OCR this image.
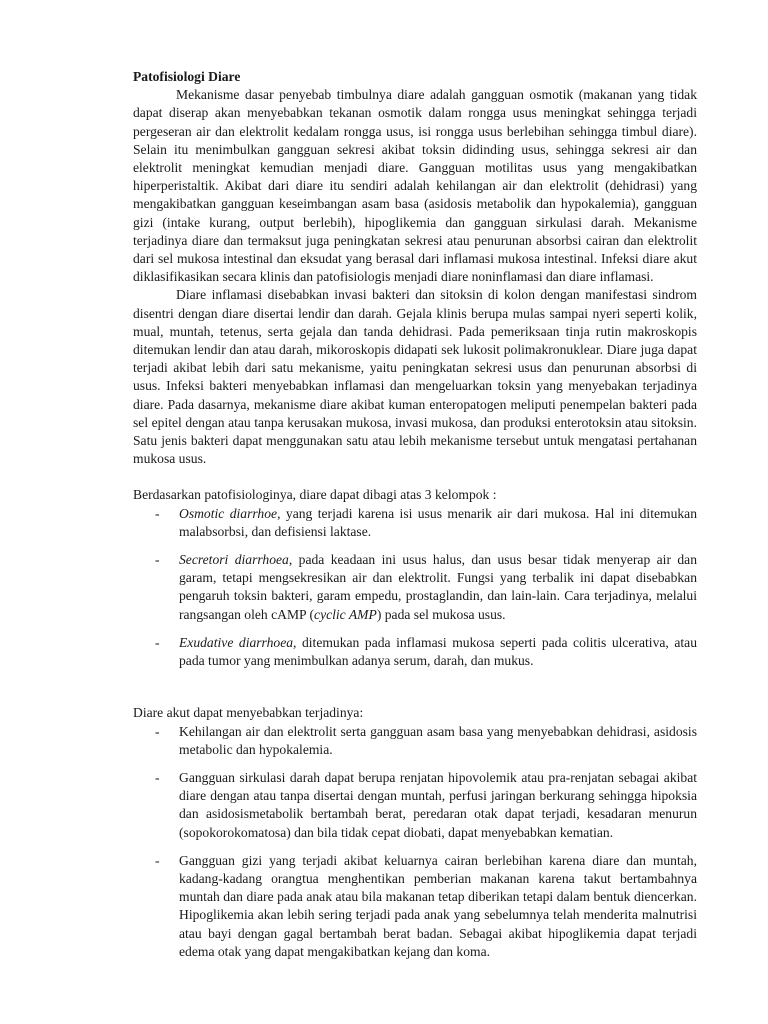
Patofisiologi Diare

Mekanisme dasar penyebab timbulnya diare adalah gangguan osmotik (makanan yang tidak dapat diserap akan menyebabkan tekanan osmotik dalam rongga usus meningkat sehingga terjadi pergeseran air dan elektrolit kedalam rongga usus, isi rongga usus berlebihan sehingga timbul diare). Selain itu menimbulkan gangguan sekresi akibat toksin didinding usus, sehingga sekresi air dan elektrolit meningkat kemudian menjadi diare. Gangguan motilitas usus yang mengakibatkan hiperperistaltik. Akibat dari diare itu sendiri adalah kehilangan air dan elektrolit (dehidrasi) yang mengakibatkan gangguan keseimbangan asam basa (asidosis metabolik dan hypokalemia), gangguan gizi (intake kurang, output berlebih), hipoglikemia dan gangguan sirkulasi darah. Mekanisme terjadinya diare dan termaksut juga peningkatan sekresi atau penurunan absorbsi cairan dan elektrolit dari sel mukosa intestinal dan eksudat yang berasal dari inflamasi mukosa intestinal. Infeksi diare akut diklasifikasikan secara klinis dan patofisiologis menjadi diare noninflamasi dan diare inflamasi.

Diare inflamasi disebabkan invasi bakteri dan sitoksin di kolon dengan manifestasi sindrom disentri dengan diare disertai lendir dan darah. Gejala klinis berupa mulas sampai nyeri seperti kolik, mual, muntah, tetenus, serta gejala dan tanda dehidrasi. Pada pemeriksaan tinja rutin makroskopis ditemukan lendir dan atau darah, mikoroskopis didapati sek lukosit polimakronuklear. Diare juga dapat terjadi akibat lebih dari satu mekanisme, yaitu peningkatan sekresi usus dan penurunan absorbsi di usus. Infeksi bakteri menyebabkan inflamasi dan mengeluarkan toksin yang menyebakan terjadinya diare. Pada dasarnya, mekanisme diare akibat kuman enteropatogen meliputi penempelan bakteri pada sel epitel dengan atau tanpa kerusakan mukosa, invasi mukosa, dan produksi enterotoksin atau sitoksin. Satu jenis bakteri dapat menggunakan satu atau lebih mekanisme tersebut untuk mengatasi pertahanan mukosa usus.

Berdasarkan patofisiologinya, diare dapat dibagi atas 3 kelompok :

- Osmotic diarrhoe, yang terjadi karena isi usus menarik air dari mukosa. Hal ini ditemukan malabsorbsi, dan defisiensi laktase.
- Secretori diarrhoea, pada keadaan ini usus halus, dan usus besar tidak menyerap air dan garam, tetapi mengsekresikan air dan elektrolit. Fungsi yang terbalik ini dapat disebabkan pengaruh toksin bakteri, garam empedu, prostaglandin, dan lain-lain. Cara terjadinya, melalui rangsangan oleh cAMP (cyclic AMP) pada sel mukosa usus.
- Exudative diarrhoea, ditemukan pada inflamasi mukosa seperti pada colitis ulcerativa, atau pada tumor yang menimbulkan adanya serum, darah, dan mukus.

Diare akut dapat menyebabkan terjadinya:

- Kehilangan air dan elektrolit serta gangguan asam basa yang menyebabkan dehidrasi, asidosis metabolic dan hypokalemia.
- Gangguan sirkulasi darah dapat berupa renjatan hipovolemik atau pra-renjatan sebagai akibat diare dengan atau tanpa disertai dengan muntah, perfusi jaringan berkurang sehingga hipoksia dan asidosismetabolik bertambah berat, peredaran otak dapat terjadi, kesadaran menurun (sopokorokomatosa) dan bila tidak cepat diobati, dapat menyebabkan kematian.
- Gangguan gizi yang terjadi akibat keluarnya cairan berlebihan karena diare dan muntah, kadang-kadang orangtua menghentikan pemberian makanan karena takut bertambahnya muntah dan diare pada anak atau bila makanan tetap diberikan tetapi dalam bentuk diencerkan. Hipoglikemia akan lebih sering terjadi pada anak yang sebelumnya telah menderita malnutrisi atau bayi dengan gagal bertambah berat badan. Sebagai akibat hipoglikemia dapat terjadi edema otak yang dapat mengakibatkan kejang dan koma.
